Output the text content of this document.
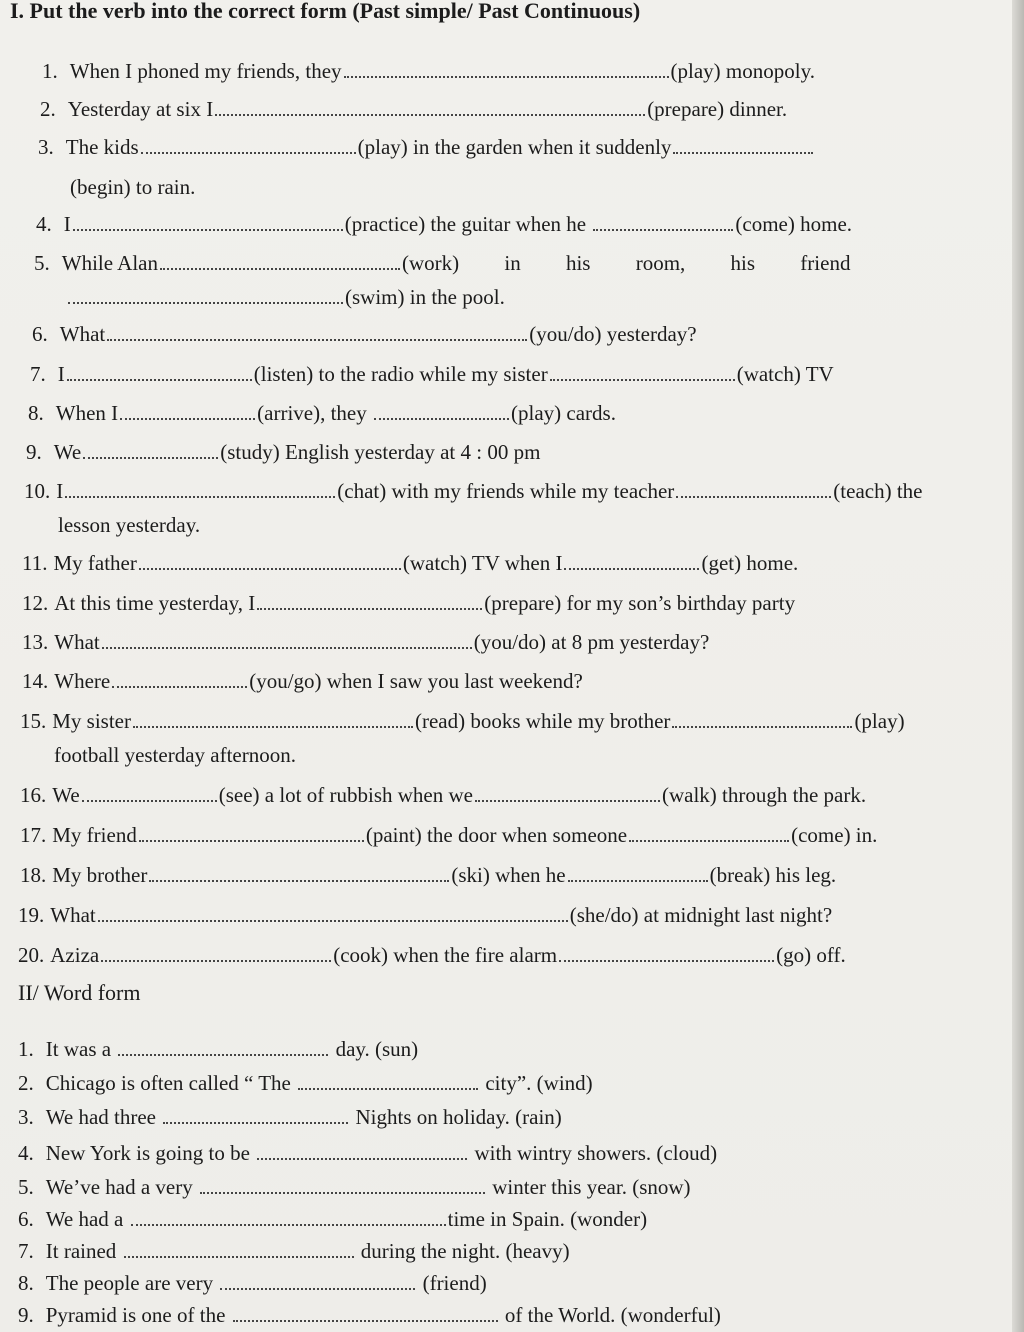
I. Put the verb into the correct form (Past simple/ Past Continuous)
1. When I phoned my friends, they	(play) monopoly.
2. Yesterday at six I	(prepare) dinner.
3. The kids	(play) in the garden when it suddenly
(begin) to rain.
4. I	(practice) the guitar when he	(come) home.
5. While Alan	(work) in his room, his friend
(swim) in the pool.
6. What	(you/do) yesterday?
7. I	(listen) to the radio while my sister	(watch) TV
8. When I	(arrive), they	(play) cards.
9. We	(study) English yesterday at 4 : 00 pm
10. I	(chat) with my friends while my teacher	(teach) the
lesson yesterday.
11. My father	(watch) TV when I	(get) home.
12. At this time yesterday, I	(prepare) for my son’s birthday party
13. What	(you/do) at 8 pm yesterday?
14. Where	(you/go) when I saw you last weekend?
15. My sister	(read) books while my brother	(play)
football yesterday afternoon.
16. We	(see) a lot of rubbish when we	(walk) through the park.
17. My friend	(paint) the door when someone	(come) in.
18. My brother	(ski) when he	(break) his leg.
19. What	(she/do) at midnight last night?
20. Aziza	(cook) when the fire alarm	(go) off.
II/ Word form
1. It was a	day. (sun)
2. Chicago is often called “ The	city”. (wind)
3. We had three	Nights on holiday. (rain)
4. New York is going to be	with wintry showers. (cloud)
5. We’ve had a very	winter this year. (snow)
6. We had a	time in Spain. (wonder)
7. It rained	during the night. (heavy)
8. The people are very	(friend)
9. Pyramid is one of the	of the World. (wonderful)
